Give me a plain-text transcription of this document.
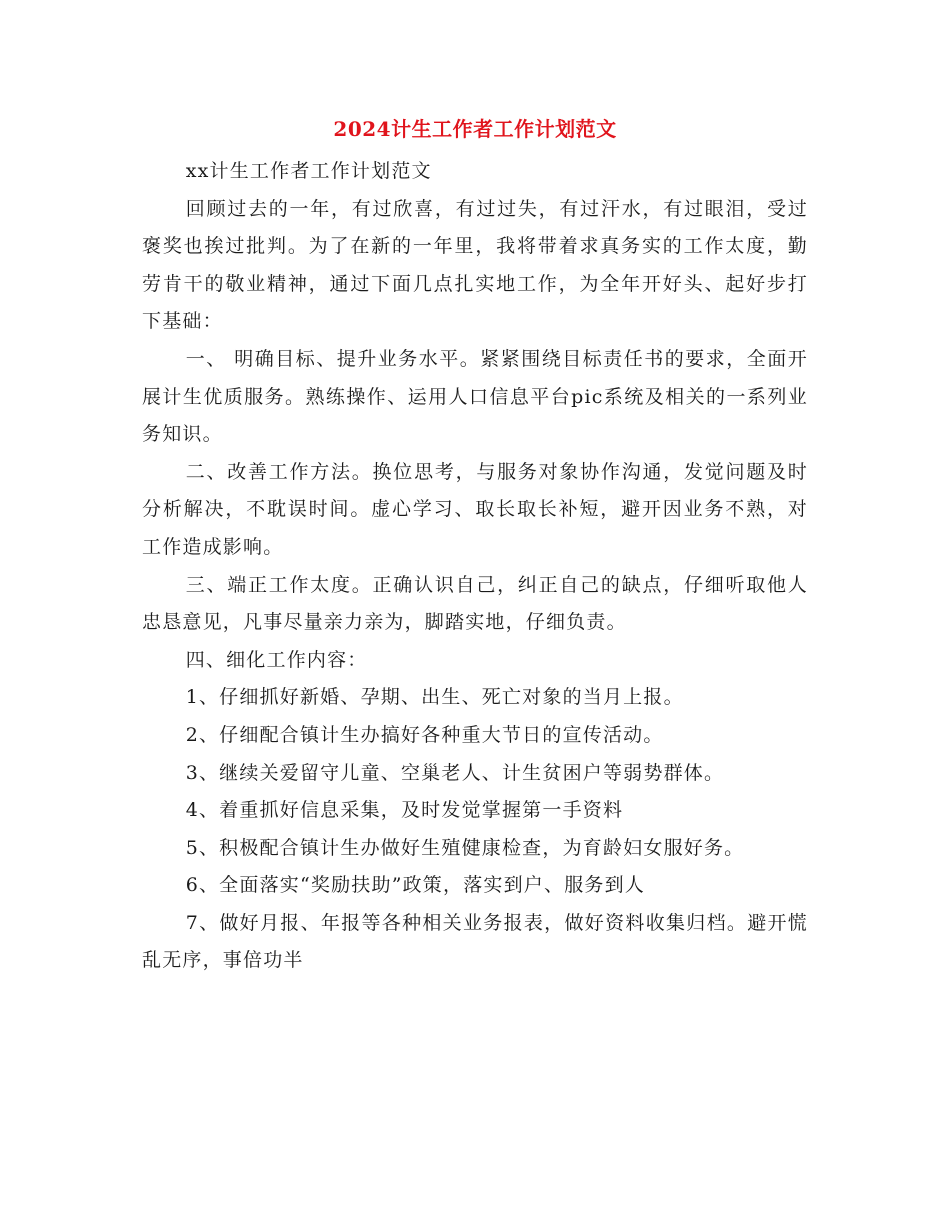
2024计生工作者工作计划范文

xx计生工作者工作计划范文

回顾过去的一年，有过欣喜，有过过失，有过汗水，有过眼泪，受过褒奖也挨过批判。为了在新的一年里，我将带着求真务实的工作太度，勤劳肯干的敬业精神，通过下面几点扎实地工作，为全年开好头、起好步打下基础：

一、 明确目标、提升业务水平。紧紧围绕目标责任书的要求，全面开展计生优质服务。熟练操作、运用人口信息平台pic系统及相关的一系列业务知识。

二、改善工作方法。换位思考，与服务对象协作沟通，发觉问题及时分析解决，不耽误时间。虚心学习、取长取长补短，避开因业务不熟，对工作造成影响。

三、端正工作太度。正确认识自己，纠正自己的缺点，仔细听取他人忠恳意见，凡事尽量亲力亲为，脚踏实地，仔细负责。

四、细化工作内容：

1、仔细抓好新婚、孕期、出生、死亡对象的当月上报。

2、仔细配合镇计生办搞好各种重大节日的宣传活动。

3、继续关爱留守儿童、空巢老人、计生贫困户等弱势群体。

4、着重抓好信息采集，及时发觉掌握第一手资料

5、积极配合镇计生办做好生殖健康检查，为育龄妇女服好务。

6、全面落实“奖励扶助”政策，落实到户、服务到人

7、做好月报、年报等各种相关业务报表，做好资料收集归档。避开慌乱无序，事倍功半
